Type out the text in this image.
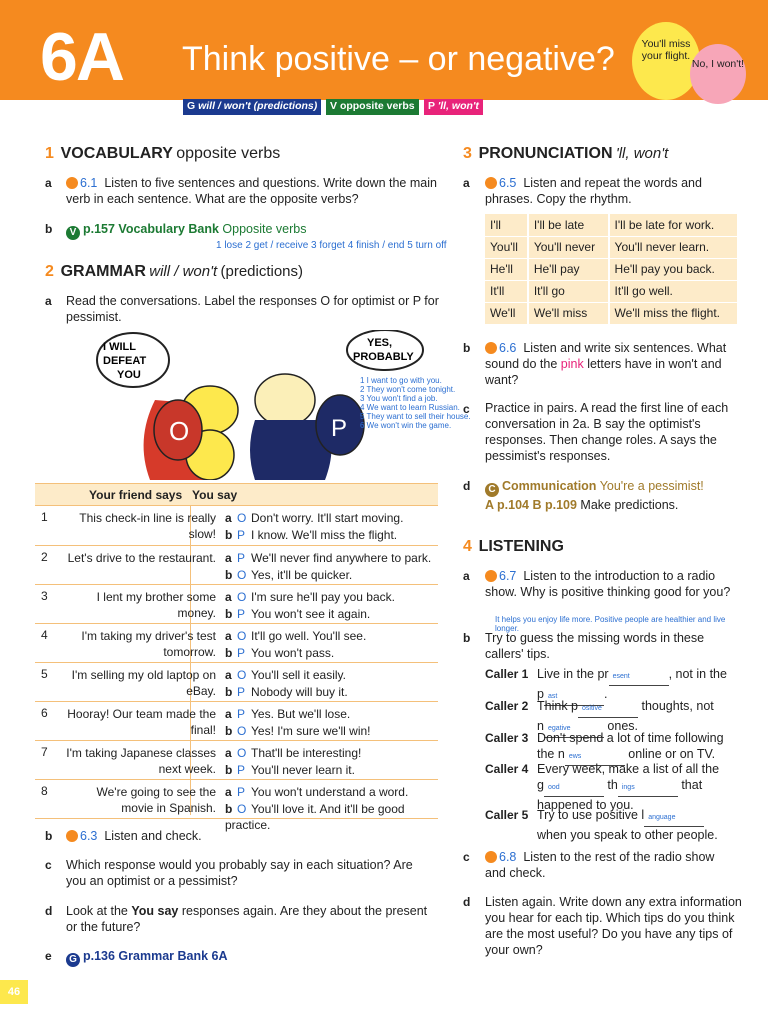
6A Think positive – or negative?	You'll miss your flight.
No, I won't!
G will / won't (predictions)	V opposite verbs	P 'll, won't
1 VOCABULARY opposite verbs
a	6.1 Listen to five sentences and questions. Write down the main verb in each sentence. What are the opposite verbs?
b	V p.157 Vocabulary Bank Opposite verbs
1 lose 2 get / receive 3 forget 4 finish / end 5 turn off
2 GRAMMAR will / won't (predictions)
a Read the conversations. Label the responses O for optimist or P for pessimist.
I WILL
DEFEAT
YOU
YES,
PROBABLY
O	P
1 I want to go with you.
2 They won't come tonight.
3 You won't find a job.
4 We want to learn Russian.
5 They want to sell their house.
6 We won't win the game.
Your friend says You say
1	This check-in line is really slow!
a O Don't worry. It'll start moving.
b P I know. We'll miss the flight.
2 Let's drive to the restaurant. a P We'll never find anywhere to park.
b O Yes, it'll be quicker.
3	I lent my brother some money.
a O I'm sure he'll pay you back.
b P You won't see it again.
4	I'm taking my driver's test tomorrow.
a O It'll go well. You'll see.
b P You won't pass.
5	I'm selling my old laptop on eBay.
a O You'll sell it easily.
b P Nobody will buy it.
6 Hooray! Our team made the final!
a P Yes. But we'll lose.
b O Yes! I'm sure we'll win!
7 I'm taking Japanese classes next week.
a O That'll be interesting!
b P You'll never learn it.
8	We're going to see the movie in Spanish.
a P You won't understand a word.
b O You'll love it. And it'll be good practice.
b	6.3 Listen and check.
c Which response would you probably say in each situation? Are you an optimist or a pessimist?
d Look at the You say responses again. Are they about the present or the future?
e	G p.136 Grammar Bank 6A
3 PRONUNCIATION 'll, won't
a	6.5 Listen and repeat the words and phrases. Copy the rhythm.
I'll	I'll be late	I'll be late for work.
You'll	You'll never	You'll never learn.
He'll	He'll pay	He'll pay you back.
It'll	It'll go	It'll go well.
We'll	We'll miss	We'll miss the flight.
b	6.6 Listen and write six sentences. What sound do the pink letters have in won't and want?
c Practice in pairs. A read the first line of each conversation in 2a. B say the optimist's responses. Then change roles. A says the pessimist's responses.
d	C Communication You're a pessimist!
A p.104 B p.109 Make predictions.
4 LISTENING
a	6.7 Listen to the introduction to a radio show. Why is positive thinking good for you?
It helps you enjoy life more. Positive people are healthier and live longer.
b Try to guess the missing words in these callers' tips.
Caller 1 Live in the pr esent	, not in the
p ast	.
Caller 2 Think p ositive	thoughts, not
n egative	ones.
Caller 3 Don't spend a lot of time following
the n ews	online or on TV.
Caller 4 Every week, make a list of all the
g ood	th ings	that
happened to you.
Caller 5 Try to use positive l anguage
when you speak to other people.
c	6.8 Listen to the rest of the radio show and check.
d Listen again. Write down any extra information you hear for each tip. Which tips do you think are the most useful? Do you have any tips of your own?
46
